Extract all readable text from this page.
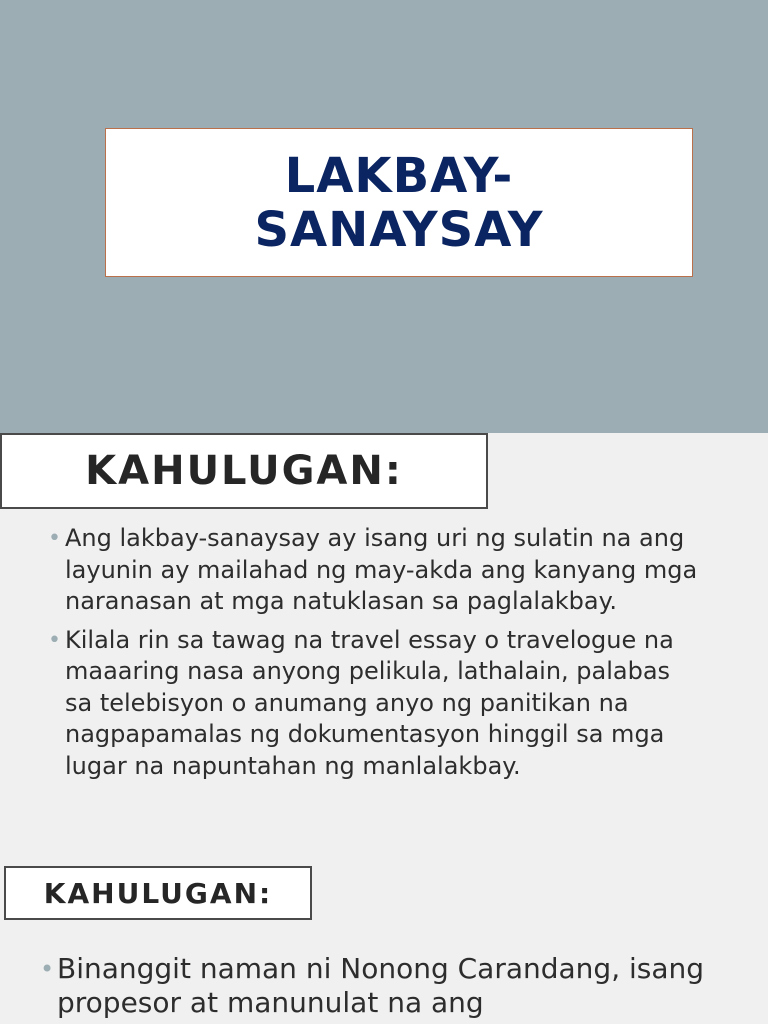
LAKBAY-
SANAYSAY
KAHULUGAN:
• Ang lakbay-sanaysay ay isang uri ng sulatin na ang layunin ay mailahad ng may-akda ang kanyang mga naranasan at mga natuklasan sa paglalakbay.
• Kilala rin sa tawag na travel essay o travelogue na maaaring nasa anyong pelikula, lathalain, palabas sa telebisyon o anumang anyo ng panitikan na nagpapamalas ng dokumentasyon hinggil sa mga lugar na napuntahan ng manlalakbay.
KAHULUGAN:
• Binanggit naman ni Nonong Carandang, isang propesor at manunulat na ang
